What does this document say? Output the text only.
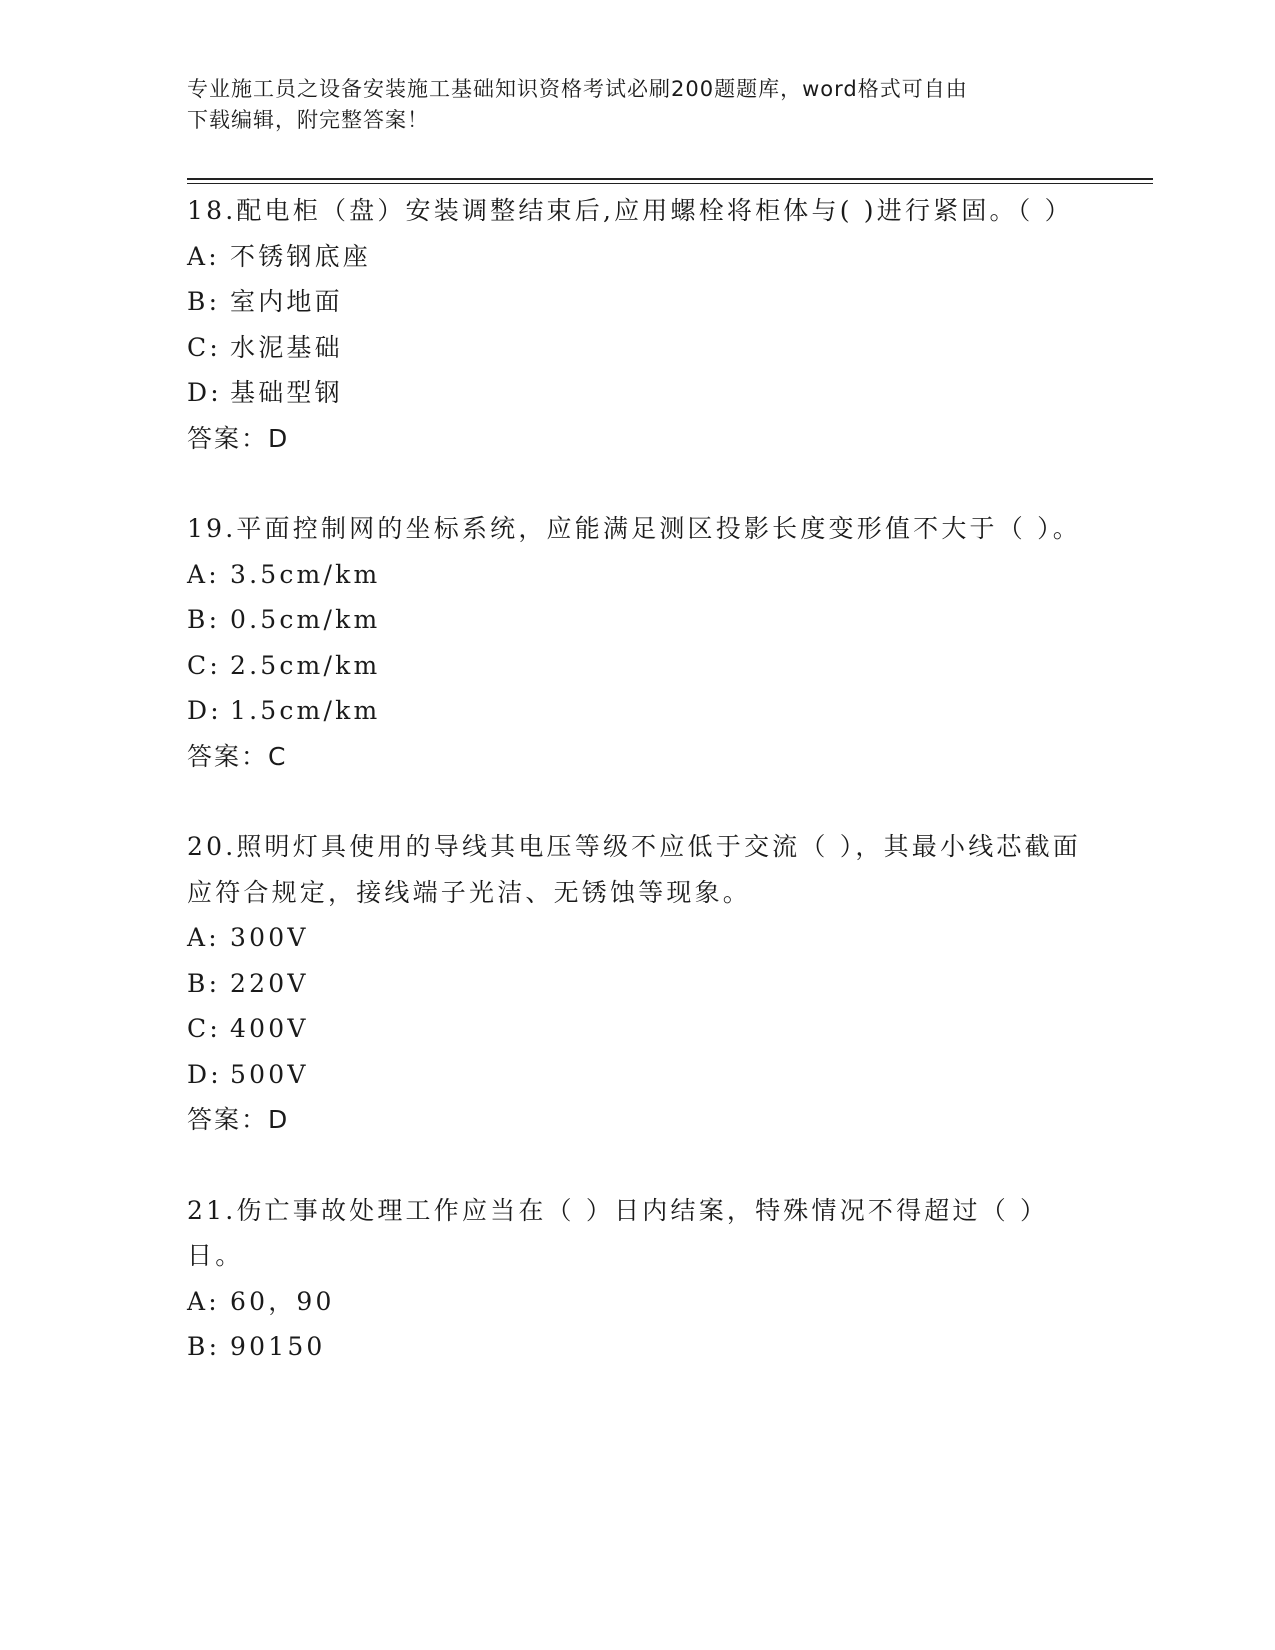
专业施工员之设备安装施工基础知识资格考试必刷200题题库，word格式可自由
下载编辑，附完整答案！

18.配电柜（盘）安装调整结束后,应用螺栓将柜体与( )进行紧固。（ ）

A: 不锈钢底座
B: 室内地面
C: 水泥基础
D: 基础型钢

答案：D

19.平面控制网的坐标系统，应能满足测区投影长度变形值不大于（ ）。

A: 3.5cm/km
B: 0.5cm/km
C: 2.5cm/km
D: 1.5cm/km

答案：C

20.照明灯具使用的导线其电压等级不应低于交流（ ），其最小线芯截面应符合规定，接线端子光洁、无锈蚀等现象。

A: 300V
B: 220V
C: 400V
D: 500V

答案：D

21.伤亡事故处理工作应当在（ ）日内结案，特殊情况不得超过（ ）日。

A: 60，90
B: 90150
